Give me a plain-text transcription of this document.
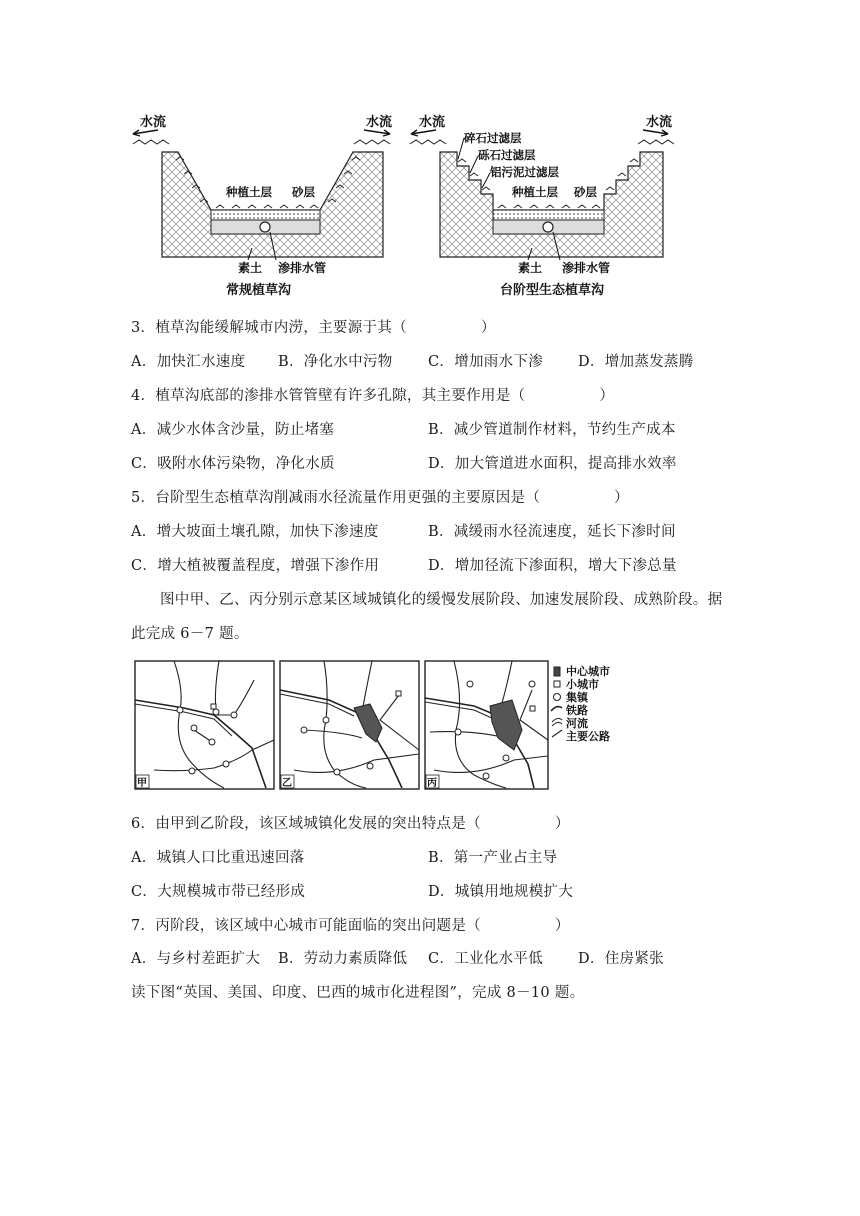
水流	水流
种植土层 砂层
素土 渗排水管
常规植草沟
水流	水流
碎石过滤层
砾石过滤层
铝污泥过滤层
种植土层 砂层
素土 渗排水管
台阶型生态植草沟
3．植草沟能缓解城市内涝，主要源于其（　　　　　）
A．加快汇水速度 B．净化水中污物 C．增加雨水下渗 D．增加蒸发蒸腾
4．植草沟底部的渗排水管管壁有许多孔隙，其主要作用是（　　　　　）
A．减少水体含沙量，防止堵塞	B．减少管道制作材料，节约生产成本
C．吸附水体污染物，净化水质	D．加大管道进水面积，提高排水效率
5．台阶型生态植草沟削减雨水径流量作用更强的主要原因是（　　　　　）
A．增大坡面土壤孔隙，加快下渗速度	B．减缓雨水径流速度，延长下渗时间
C．增大植被覆盖程度，增强下渗作用	D．增加径流下渗面积，增大下渗总量
图中甲、乙、丙分别示意某区域城镇化的缓慢发展阶段、加速发展阶段、成熟阶段。据
此完成 6－7 题。
甲	乙	丙
中心城市
小城市
集镇
铁路
河流
主要公路
6．由甲到乙阶段，该区域城镇化发展的突出特点是（　　　　　）
A．城镇人口比重迅速回落	B．第一产业占主导
C．大规模城市带已经形成	D．城镇用地规模扩大
7．丙阶段，该区域中心城市可能面临的突出问题是（　　　　　）
A．与乡村差距扩大 B．劳动力素质降低 C．工业化水平低 D．住房紧张
读下图“英国、美国、印度、巴西的城市化进程图”，完成 8－10 题。
